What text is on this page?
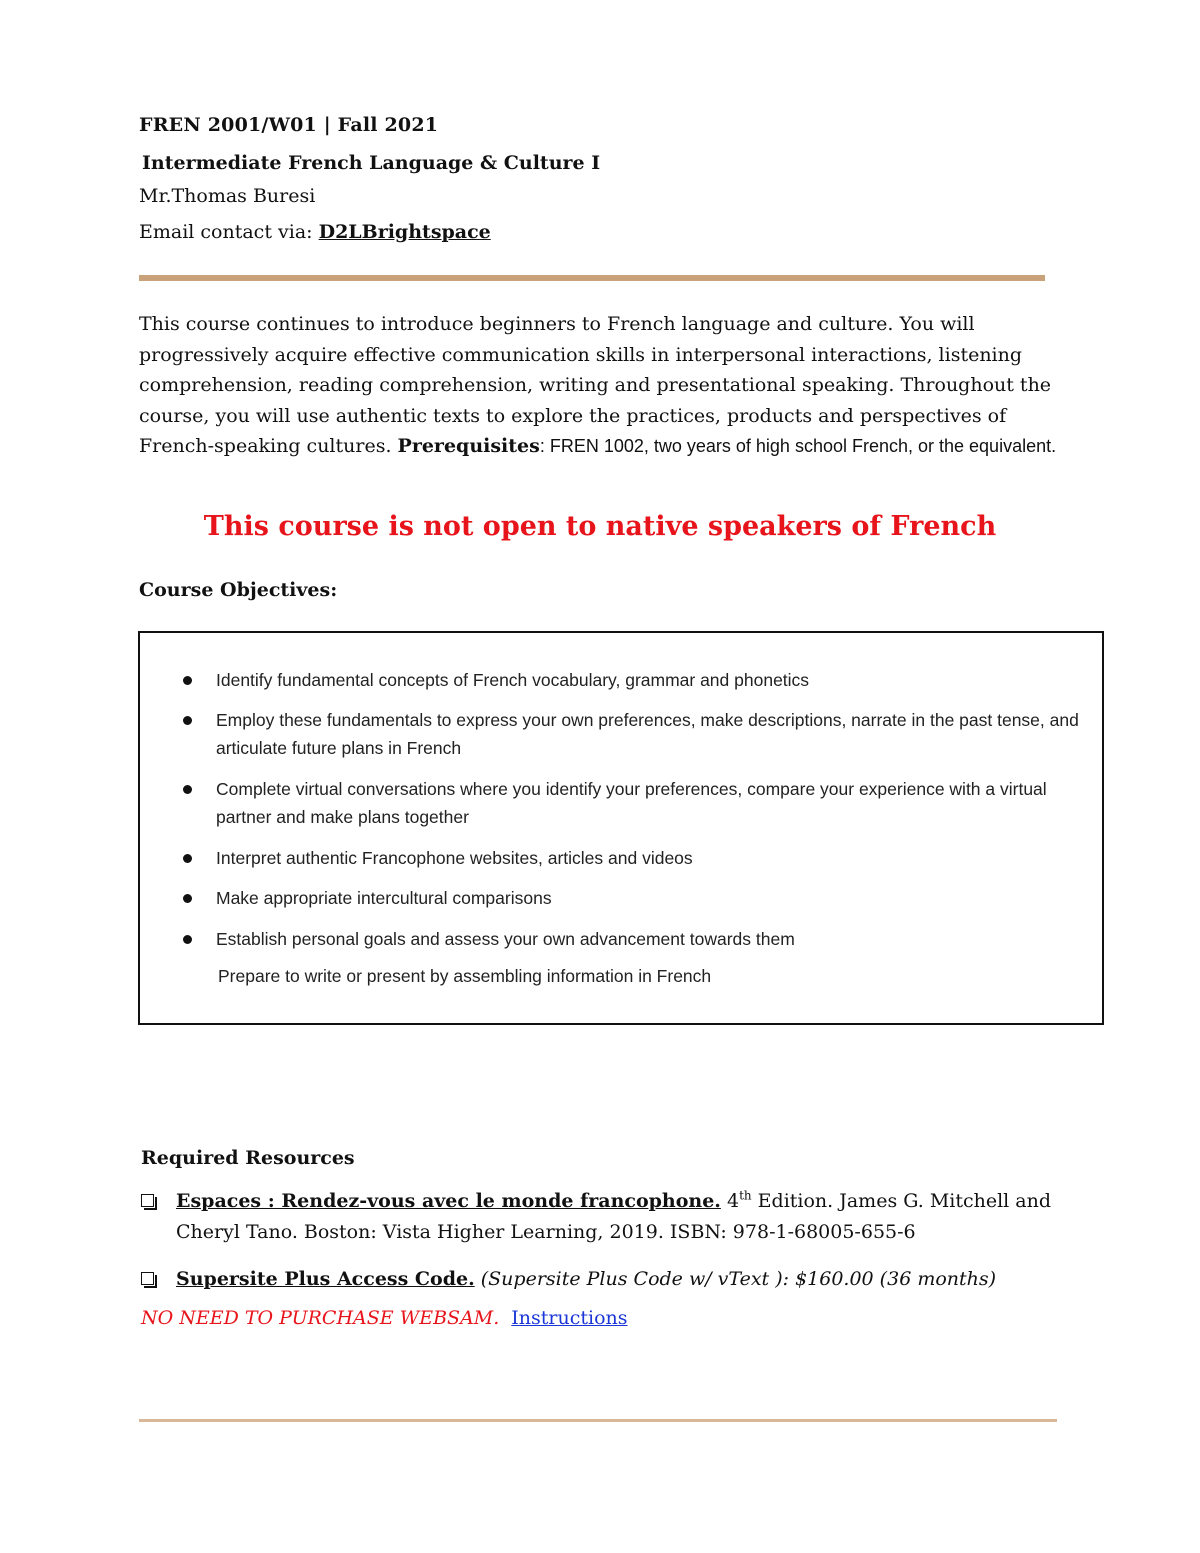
FREN 2001/W01 | Fall 2021
Intermediate French Language & Culture I
Mr.Thomas Buresi
Email contact via: D2LBrightspace
This course continues to introduce beginners to French language and culture. You will progressively acquire effective communication skills in interpersonal interactions, listening comprehension, reading comprehension, writing and presentational speaking. Throughout the course, you will use authentic texts to explore the practices, products and perspectives of French-speaking cultures. Prerequisites: FREN 1002, two years of high school French, or the equivalent.
This course is not open to native speakers of French
Course Objectives:
Identify fundamental concepts of French vocabulary, grammar and phonetics
Employ these fundamentals to express your own preferences, make descriptions, narrate in the past tense, and articulate future plans in French
Complete virtual conversations where you identify your preferences, compare your experience with a virtual partner and make plans together
Interpret authentic Francophone websites, articles and videos
Make appropriate intercultural comparisons
Establish personal goals and assess your own advancement towards them
Prepare to write or present by assembling information in French
Required Resources
Espaces : Rendez-vous avec le monde francophone. 4th Edition. James G. Mitchell and Cheryl Tano. Boston: Vista Higher Learning, 2019. ISBN: 978-1-68005-655-6
Supersite Plus Access Code. (Supersite Plus Code w/ vText ): $160.00 (36 months)
NO NEED TO PURCHASE WEBSAM. Instructions
